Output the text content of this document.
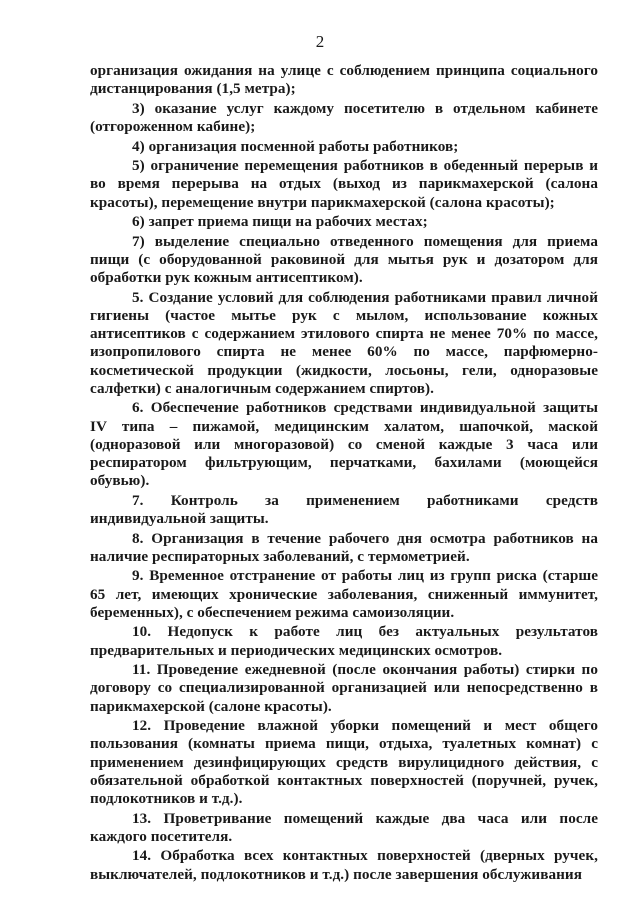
2

организация ожидания на улице с соблюдением принципа социального дистанцирования (1,5 метра);

3) оказание услуг каждому посетителю в отдельном кабинете (отгороженном кабине);

4) организация посменной работы работников;

5) ограничение перемещения работников в обеденный перерыв и во время перерыва на отдых (выход из парикмахерской (салона красоты), перемещение внутри парикмахерской (салона красоты);

6) запрет приема пищи на рабочих местах;

7) выделение специально отведенного помещения для приема пищи (с оборудованной раковиной для мытья рук и дозатором для обработки рук кожным антисептиком).

5. Создание условий для соблюдения работниками правил личной гигиены (частое мытье рук с мылом, использование кожных антисептиков с содержанием этилового спирта не менее 70% по массе, изопропилового спирта не менее 60% по массе, парфюмерно-косметической продукции (жидкости, лосьоны, гели, одноразовые салфетки) с аналогичным содержанием спиртов).

6. Обеспечение работников средствами индивидуальной защиты IV типа – пижамой, медицинским халатом, шапочкой, маской (одноразовой или многоразовой) со сменой каждые 3 часа или респиратором фильтрующим, перчатками, бахилами (моющейся обувью).

7. Контроль за применением работниками средств индивидуальной защиты.

8. Организация в течение рабочего дня осмотра работников на наличие респираторных заболеваний, с термометрией.

9. Временное отстранение от работы лиц из групп риска (старше 65 лет, имеющих хронические заболевания, сниженный иммунитет, беременных), с обеспечением режима самоизоляции.

10. Недопуск к работе лиц без актуальных результатов предварительных и периодических медицинских осмотров.

11. Проведение ежедневной (после окончания работы) стирки по договору со специализированной организацией или непосредственно в парикмахерской (салоне красоты).

12. Проведение влажной уборки помещений и мест общего пользования (комнаты приема пищи, отдыха, туалетных комнат) с применением дезинфицирующих средств вирулицидного действия, с обязательной обработкой контактных поверхностей (поручней, ручек, подлокотников и т.д.).

13. Проветривание помещений каждые два часа или после каждого посетителя.

14. Обработка всех контактных поверхностей (дверных ручек, выключателей, подлокотников и т.д.) после завершения обслуживания
